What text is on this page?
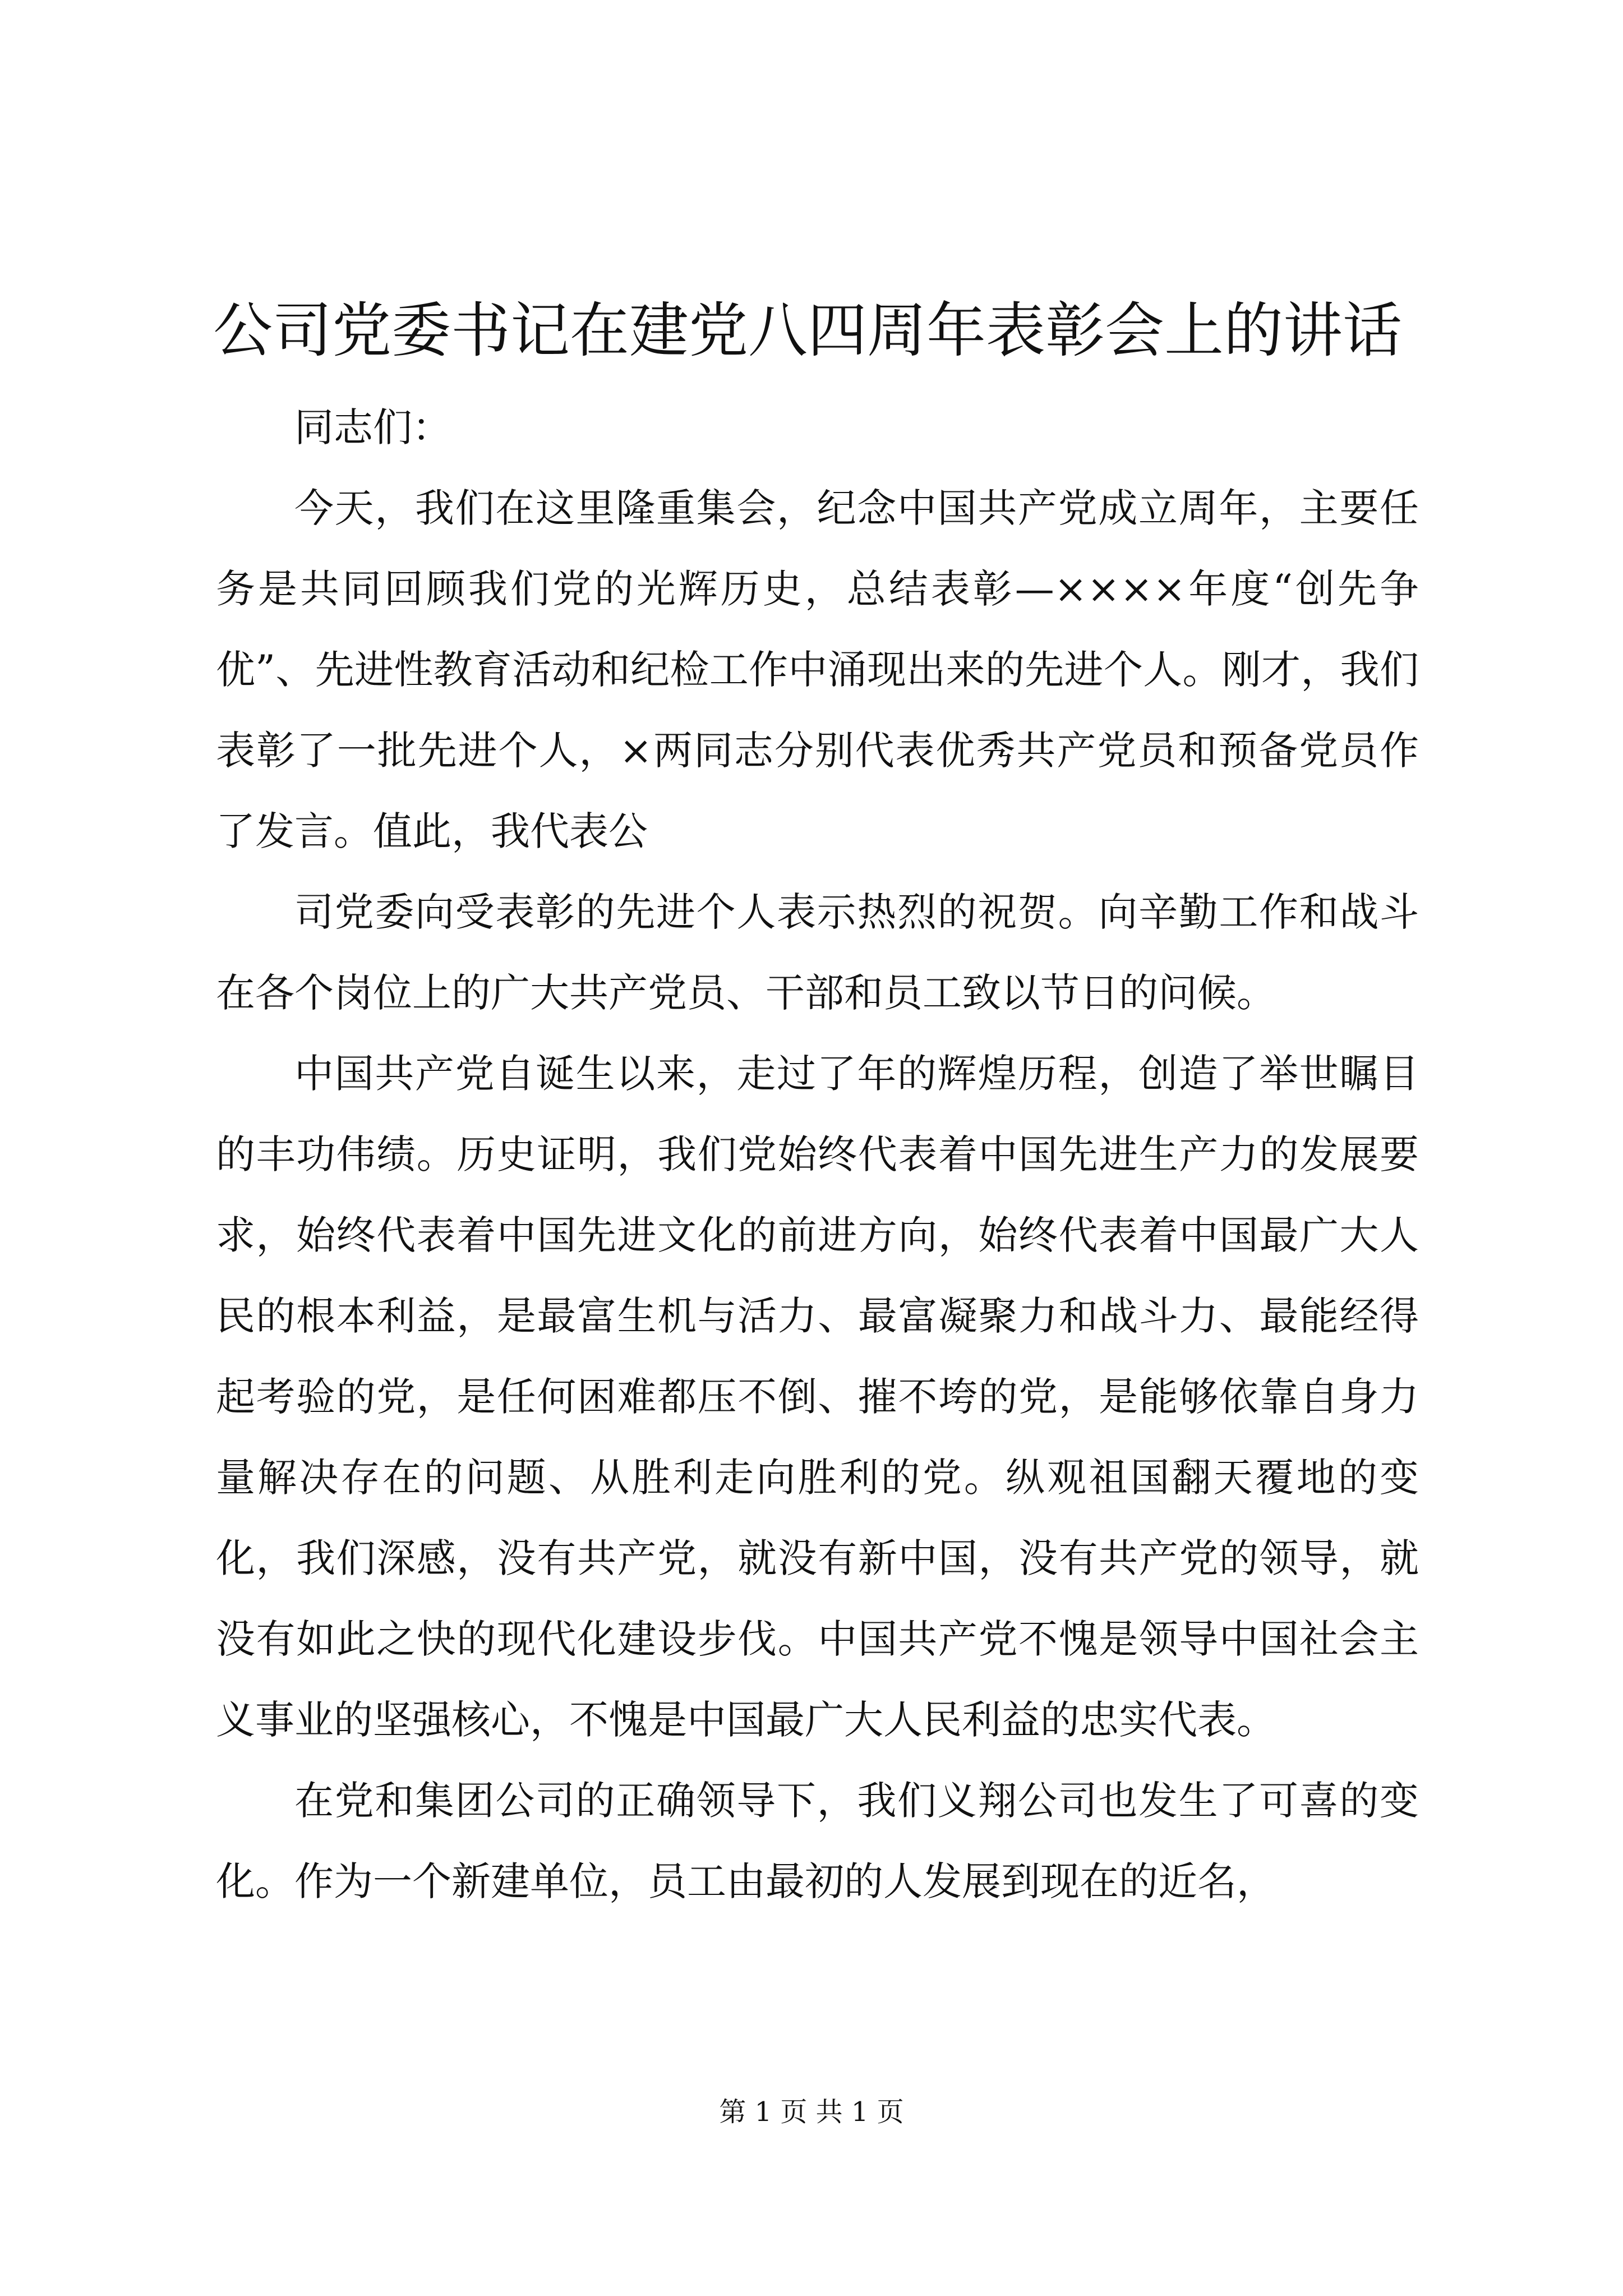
公司党委书记在建党八四周年表彰会上的讲话

同志们：

今天，我们在这里隆重集会，纪念中国共产党成立周年，主要任务是共同回顾我们党的光辉历史，总结表彰—××××年度“创先争优”、先进性教育活动和纪检工作中涌现出来的先进个人。刚才，我们表彰了一批先进个人，×两同志分别代表优秀共产党员和预备党员作了发言。值此，我代表公

司党委向受表彰的先进个人表示热烈的祝贺。向辛勤工作和战斗在各个岗位上的广大共产党员、干部和员工致以节日的问候。

中国共产党自诞生以来，走过了年的辉煌历程，创造了举世瞩目的丰功伟绩。历史证明，我们党始终代表着中国先进生产力的发展要求，始终代表着中国先进文化的前进方向，始终代表着中国最广大人民的根本利益，是最富生机与活力、最富凝聚力和战斗力、最能经得起考验的党，是任何困难都压不倒、摧不垮的党，是能够依靠自身力量解决存在的问题、从胜利走向胜利的党。纵观祖国翻天覆地的变化，我们深感，没有共产党，就没有新中国，没有共产党的领导，就没有如此之快的现代化建设步伐。中国共产党不愧是领导中国社会主义事业的坚强核心，不愧是中国最广大人民利益的忠实代表。

在党和集团公司的正确领导下，我们义翔公司也发生了可喜的变化。作为一个新建单位，员工由最初的人发展到现在的近名，

第 1 页 共 1 页
